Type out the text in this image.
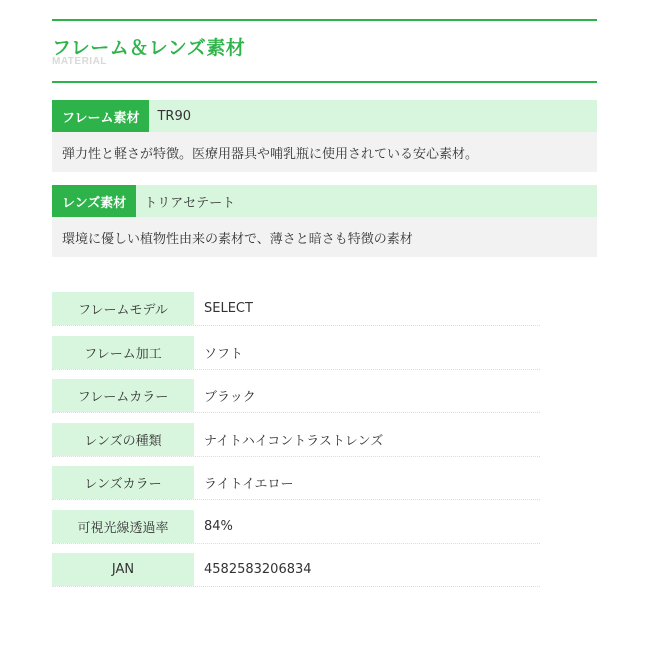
フレーム＆レンズ素材
MATERIAL
フレーム素材	TR90
弾力性と軽さが特徴。医療用器具や哺乳瓶に使用されている安心素材。
レンズ素材	トリアセテート
環境に優しい植物性由来の素材で、薄さと暗さも特徴の素材
フレームモデル	SELECT
フレーム加工	ソフト
フレームカラー	ブラック
レンズの種類	ナイトハイコントラストレンズ
レンズカラー	ライトイエロー
可視光線透過率	84%
JAN	4582583206834
